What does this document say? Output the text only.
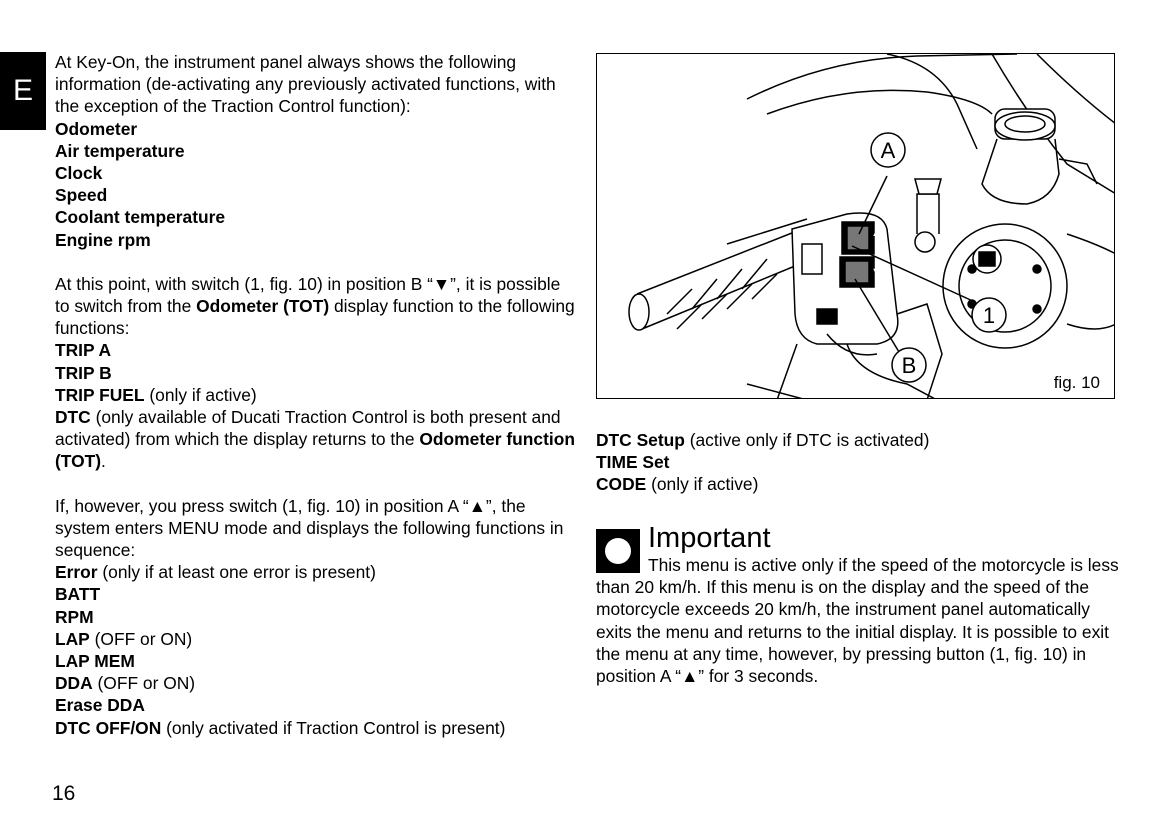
E
At Key-On, the instrument panel always shows the following information (de-activating any previously activated functions, with the exception of the Traction Control function):
Odometer
Air temperature
Clock
Speed
Coolant temperature
Engine rpm
At this point, with switch (1, fig. 10) in position B “▼”, it is possible to switch from the Odometer (TOT) display function to the following functions:
TRIP A
TRIP B
TRIP FUEL (only if active)
DTC (only available of Ducati Traction Control is both present and activated) from which the display returns to the Odometer function (TOT).
If, however, you press switch (1, fig. 10) in position A “▲”, the system enters MENU mode and displays the following functions in sequence:
Error (only if at least one error is present)
BATT
RPM
LAP (OFF or ON)
LAP MEM
DDA (OFF or ON)
Erase DDA
DTC OFF/ON (only activated if Traction Control is present)
A
B
1
▲
▼
fig. 10
DTC Setup (active only if DTC is activated)
TIME Set
CODE (only if active)
Important
This menu is active only if the speed of the motorcycle is less than 20 km/h. If this menu is on the display and the speed of the motorcycle exceeds 20 km/h, the instrument panel automatically exits the menu and returns to the initial display. It is possible to exit the menu at any time, however, by pressing button (1, fig. 10) in position A “▲” for 3 seconds.
16
